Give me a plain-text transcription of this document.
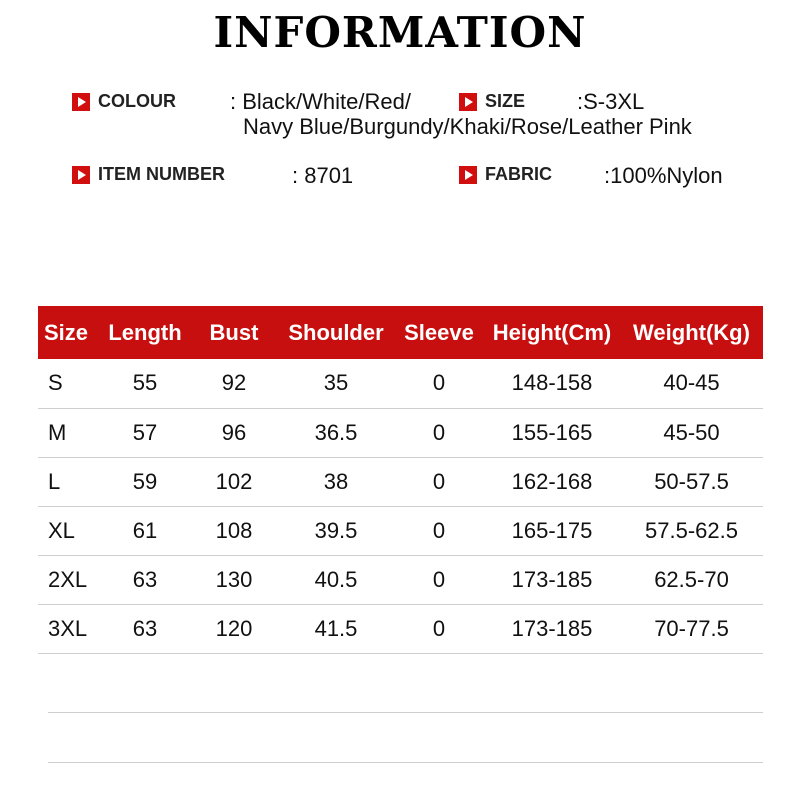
INFORMATION
COLOUR : Black/White/Red/
Navy Blue/Burgundy/Khaki/Rose/Leather Pink
SIZE :S-3XL
ITEM NUMBER	: 8701	FABRIC :100%Nylon
Size	Length	Bust	Shoulder	Sleeve	Height(Cm)	Weight(Kg)
S	55	92	35	0	148-158	40-45
M	57	96	36.5	0	155-165	45-50
L	59	102	38	0	162-168	50-57.5
XL	61	108	39.5	0	165-175	57.5-62.5
2XL	63	130	40.5	0	173-185	62.5-70
3XL	63	120	41.5	0	173-185	70-77.5
